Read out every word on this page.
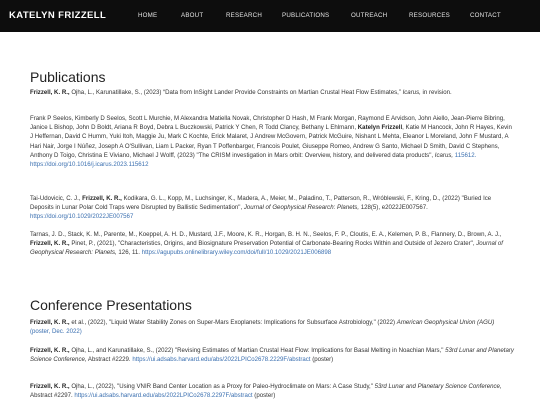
KATELYN FRIZZELL	HOME	ABOUT	RESEARCH	PUBLICATIONS	OUTREACH	RESOURCES	CONTACT
Publications
Frizzell, K. R., Ojha, L., Karunatillake, S., (2023) “Data from InSight Lander Provide Constraints on Martian Crustal Heat Flow Estimates,” Icarus, in revision.
Frank P Seelos, Kimberly D Seelos, Scott L Murchie, M Alexandra Matiella Novak, Christopher D Hash, M Frank Morgan, Raymond E Arvidson, John Aiello, Jean-Pierre Bibring, Janice L Bishop, John D Boldt, Ariana R Boyd, Debra L Buczkowski, Patrick Y Chen, R Todd Clancy, Bethany L Ehlmann, Katelyn Frizzell, Katie M Hancock, John R Hayes, Kevin J Heffernan, David C Humm, Yuki Itoh, Maggie Ju, Mark C Kochte, Erick Malaret, J Andrew McGovern, Patrick McGuire, Nishant L Mehta, Eleanor L Moreland, John F Mustard, A Hari Nair, Jorge I Núñez, Joseph A O'Sullivan, Liam L Packer, Ryan T Poffenbarger, Francois Poulet, Giuseppe Romeo, Andrew G Santo, Michael D Smith, David C Stephens, Anthony D Toigo, Christina E Viviano, Michael J Wolff, (2023) "The CRISM investigation in Mars orbit: Overview, history, and delivered data products", Icarus, 115612.
https://doi.org/10.1016/j.icarus.2023.115612
Tai-Udovicic, C. J., Frizzell, K. R., Kodikara, G. L., Kopp, M., Luchsinger, K., Madera, A., Meier, M., Paladino, T., Patterson, R., Wróblewski, F., Kring, D., (2022) "Buried Ice Deposits in Lunar Polar Cold Traps were Disrupted by Ballistic Sedimentation", Journal of Geophysical Research: Planets, 128(5), e2022JE007567. https://doi.org/10.1029/2022JE007567
Tarnas, J. D., Stack, K. M., Parente, M., Koeppel, A. H. D., Mustard, J.F., Moore, K. R., Horgan, B. H. N., Seelos, F. P., Cloutis, E. A., Kelemen, P. B., Flannery, D., Brown, A. J., Frizzell, K. R., Pinet, P., (2021), "Characteristics, Origins, and Biosignature Preservation Potential of Carbonate-Bearing Rocks Within and Outside of Jezero Crater", Journal of Geophysical Research: Planets, 126, 11. https://agupubs.onlinelibrary.wiley.com/doi/full/10.1029/2021JE006898
Conference Presentations
Frizzell, K. R., et al., (2022), "Liquid Water Stability Zones on Super-Mars Exoplanets: Implications for Subsurface Astrobiology," (2022) American Geophysical Union (AGU) (poster, Dec. 2022)
Frizzell, K. R., Ojha, L., and Karunatillake, S., (2022) "Revising Estimates of Martian Crustal Heat Flow: Implications for Basal Melting in Noachian Mars," 53rd Lunar and Planetary Science Conference, Abstract #2229. https://ui.adsabs.harvard.edu/abs/2022LPICo2678.2229F/abstract (poster)
Frizzell, K. R., Ojha, L., (2022), "Using VNIR Band Center Location as a Proxy for Paleo-Hydroclimate on Mars: A Case Study," 53rd Lunar and Planetary Science Conference, Abstract #2297. https://ui.adsabs.harvard.edu/abs/2022LPICo2678.2297F/abstract (poster)
